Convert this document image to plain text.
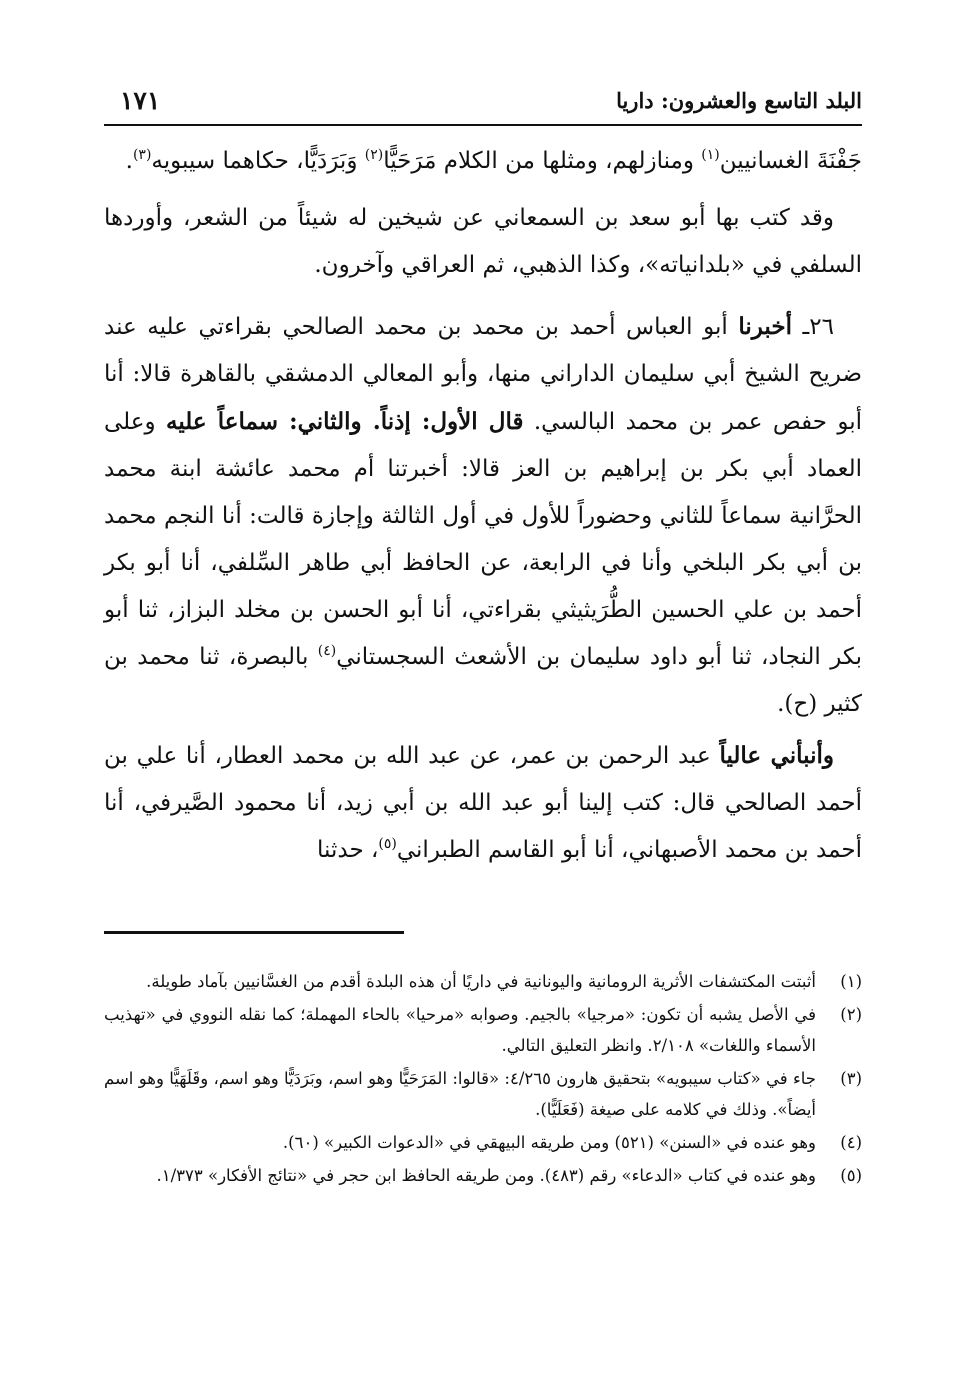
البلد التاسع والعشرون: داريا
١٧١

جَفْنَةَ الغسانيين$^{(١)}$ ومنازلهم، ومثلها من الكلام مَرَحَيًّا$^{(٢)}$ وَبَرَدَيًّا، حكاهما سيبويه$^{(٣)}$.

وقد كتب بها أبو سعد بن السمعاني عن شيخين له شيئاً من الشعر، وأوردها السلفي في «بلدانياته»، وكذا الذهبي، ثم العراقي وآخرون.

٢٦ـ أخبرنا أبو العباس أحمد بن محمد بن محمد الصالحي بقراءتي عليه عند ضريح الشيخ أبي سليمان الداراني منها، وأبو المعالي الدمشقي بالقاهرة قالا: أنا أبو حفص عمر بن محمد البالسي. قال الأول: إذناً. والثاني: سماعاً عليه وعلى العماد أبي بكر بن إبراهيم بن العز قالا: أخبرتنا أم محمد عائشة ابنة محمد الحرَّانية سماعاً للثاني وحضوراً للأول في أول الثالثة وإجازة قالت: أنا النجم محمد بن أبي بكر البلخي وأنا في الرابعة، عن الحافظ أبي طاهر السِّلفي، أنا أبو بكر أحمد بن علي الحسين الطُّرَيثيثي بقراءتي، أنا أبو الحسن بن مخلد البزاز، ثنا أبو بكر النجاد، ثنا أبو داود سليمان بن الأشعث السجستاني$^{(٤)}$ بالبصرة، ثنا محمد بن كثير (ح).

وأنبأني عالياً عبد الرحمن بن عمر، عن عبد الله بن محمد العطار، أنا علي بن أحمد الصالحي قال: كتب إلينا أبو عبد الله بن أبي زيد، أنا محمود الصَّيرفي، أنا أحمد بن محمد الأصبهاني، أنا أبو القاسم الطبراني$^{(٥)}$، حدثنا

(١)
أثبتت المكتشفات الأثرية الرومانية واليونانية في داريًا أن هذه البلدة أقدم من الغسَّانيين بآماد طويلة.
(٢)
في الأصل يشبه أن تكون: «مرجيا» بالجيم. وصوابه «مرحيا» بالحاء المهملة؛ كما نقله النووي في «تهذيب الأسماء واللغات» ٢/١٠٨. وانظر التعليق التالي.
(٣)
جاء في «كتاب سيبويه» بتحقيق هارون ٤/٢٦٥: «قالوا: المَرَحَيًّا وهو اسم، وبَرَدَيًّا وهو اسم، وقَلَهَيًّا وهو اسم أيضاً». وذلك في كلامه على صيغة (فَعَلَيًّا).
(٤)
وهو عنده في «السنن» (٥٢١) ومن طريقه البيهقي في «الدعوات الكبير» (٦٠).
(٥)
وهو عنده في كتاب «الدعاء» رقم (٤٨٣). ومن طريقه الحافظ ابن حجر في «نتائج الأفكار» ١/٣٧٣.
